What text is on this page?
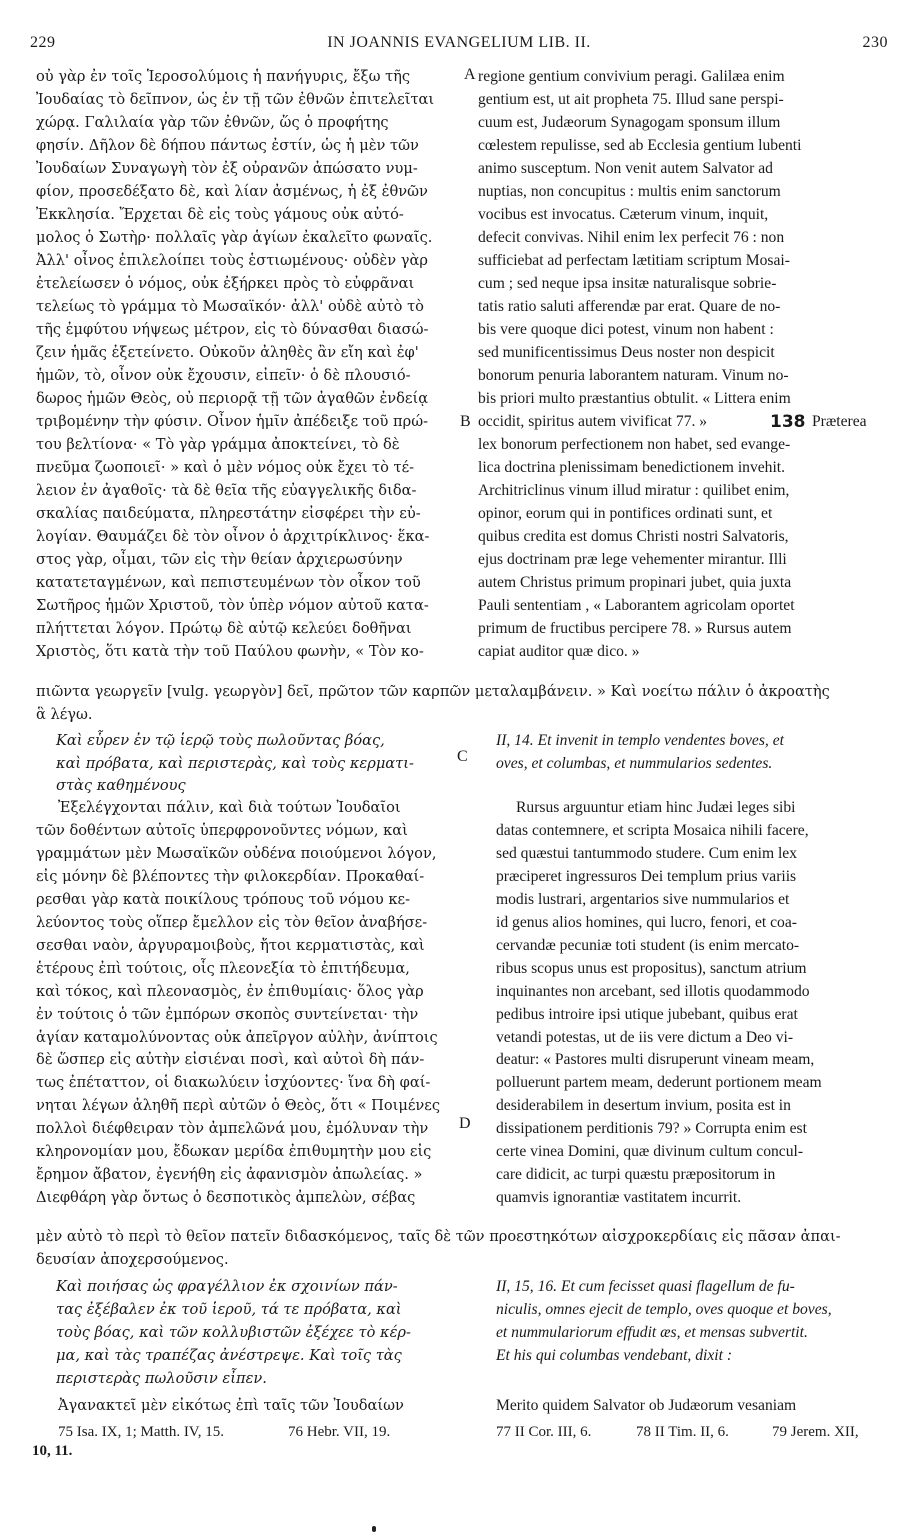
229	IN JOANNIS EVANGELIUM LIB. II.	230
οὐ γὰρ ἐν τοῖς Ἱεροσολύμοις ἡ πανήγυρις, ἔξω τῆς
Ἰουδαίας τὸ δεῖπνον, ὡς ἐν τῇ τῶν ἐθνῶν ἐπιτελεῖται
χώρᾳ. Γαλιλαία γὰρ τῶν ἐθνῶν, ὥς ὁ προφήτης
φησίν. Δῆλον δὲ δήπου πάντως ἐστίν, ὡς ἡ μὲν τῶν
Ἰουδαίων Συναγωγὴ τὸν ἐξ οὐρανῶν ἀπώσατο νυμ-
φίον, προσεδέξατο δὲ, καὶ λίαν ἀσμένως, ἡ ἐξ ἐθνῶν
Ἐκκλησία. Ἔρχεται δὲ εἰς τοὺς γάμους οὐκ αὐτό-
μολος ὁ Σωτὴρ· πολλαῖς γὰρ ἁγίων ἐκαλεῖτο φωναῖς.
Ἀλλ' οἶνος ἐπιλελοίπει τοὺς ἑστιωμένους· οὐδὲν γὰρ
ἐτελείωσεν ὁ νόμος, οὐκ ἐξήρκει πρὸς τὸ εὐφρᾶναι
τελείως τὸ γράμμα τὸ Μωσαϊκόν· ἀλλ' οὐδὲ αὐτὸ τὸ
τῆς ἐμφύτου νήψεως μέτρον, εἰς τὸ δύνασθαι διασώ-
ζειν ἡμᾶς ἐξετείνετο. Οὐκοῦν ἀληθὲς ἂν εἴη καὶ ἐφ'
ἡμῶν, τὸ, οἶνον οὐκ ἔχουσιν, εἰπεῖν· ὁ δὲ πλουσιό-
δωρος ἡμῶν Θεὸς, οὐ περιορᾷ τῇ τῶν ἀγαθῶν ἐνδείᾳ
τριβομένην τὴν φύσιν. Οἶνον ἡμῖν ἀπέδειξε τοῦ πρώ-
του βελτίονα· « Τὸ γὰρ γράμμα ἀποκτείνει, τὸ δὲ
πνεῦμα ζωοποιεῖ· » καὶ ὁ μὲν νόμος οὐκ ἔχει τὸ τέ-
λειον ἐν ἀγαθοῖς· τὰ δὲ θεῖα τῆς εὐαγγελικῆς διδα-
σκαλίας παιδεύματα, πληρεστάτην εἰσφέρει τὴν εὐ-
λογίαν. Θαυμάζει δὲ τὸν οἶνον ὁ ἀρχιτρίκλινος· ἕκα-
στος γὰρ, οἶμαι, τῶν εἰς τὴν θείαν ἀρχιερωσύνην
κατατεταγμένων, καὶ πεπιστευμένων τὸν οἶκον τοῦ
Σωτῆρος ἡμῶν Χριστοῦ, τὸν ὑπὲρ νόμον αὐτοῦ κατα-
πλήττεται λόγον. Πρώτῳ δὲ αὐτῷ κελεύει δοθῆναι
Χριστὸς, ὅτι κατὰ τὴν τοῦ Παύλου φωνὴν, « Τὸν κο-
regione gentium convivium peragi. Galilæa enim
gentium est, ut ait propheta 75. Illud sane perspi-
cuum est, Judæorum Synagogam sponsum illum
cœlestem repulisse, sed ab Ecclesia gentium lubenti
animo susceptum. Non venit autem Salvator ad
nuptias, non concupitus : multis enim sanctorum
vocibus est invocatus. Cæterum vinum, inquit,
defecit convivas. Nihil enim lex perfecit 76 : non
sufficiebat ad perfectam lætitiam scriptum Mosai-
cum ; sed neque ipsa insitæ naturalisque sobrie-
tatis ratio saluti afferendæ par erat. Quare de no-
bis vere quoque dici potest, vinum non habent :
sed munificentissimus Deus noster non despicit
bonorum penuria laborantem naturam. Vinum no-
bis priori multo præstantius obtulit. « Littera enim
occidit, spiritus autem vivificat 77. »	Præterea
lex bonorum perfectionem non habet, sed evange-
lica doctrina plenissimam benedictionem invehit.
Architriclinus vinum illud miratur : quilibet enim,
opinor, eorum qui in pontifices ordinati sunt, et
quibus credita est domus Christi nostri Salvatoris,
ejus doctrinam præ lege vehementer mirantur. Illi
autem Christus primum propinari jubet, quia juxta
Pauli sententiam , « Laborantem agricolam oportet
primum de fructibus percipere 78. » Rursus autem
capiat auditor quæ dico. »
138
πιῶντα γεωργεῖν [vulg. γεωργὸν] δεῖ, πρῶτον τῶν καρπῶν μεταλαμβάνειν. » Καὶ νοείτω πάλιν ὁ ἀκροατὴς
ἃ λέγω.
Καὶ εὗρεν ἐν τῷ ἱερῷ τοὺς πωλοῦντας βόας,
καὶ πρόβατα, καὶ περιστερὰς, καὶ τοὺς κερματι-
στὰς καθημένους
II, 14. Et invenit in templo vendentes boves, et
oves, et columbas, et nummularios sedentes.
Ἐξελέγχονται πάλιν, καὶ διὰ τούτων Ἰουδαῖοι
τῶν δοθέντων αὐτοῖς ὑπερφρονοῦντες νόμων, καὶ
γραμμάτων μὲν Μωσαϊκῶν οὐδένα ποιούμενοι λόγον,
εἰς μόνην δὲ βλέποντες τὴν φιλοκερδίαν. Προκαθαί-
ρεσθαι γὰρ κατὰ ποικίλους τρόπους τοῦ νόμου κε-
λεύοντος τοὺς οἵπερ ἔμελλον εἰς τὸν θεῖον ἀναβήσε-
σεσθαι ναὸν, ἀργυραμοιβοὺς, ἤτοι κερματιστὰς, καὶ
ἑτέρους ἐπὶ τούτοις, οἷς πλεονεξία τὸ ἐπιτήδευμα,
καὶ τόκος, καὶ πλεονασμὸς, ἐν ἐπιθυμίαις· ὅλος γὰρ
ἐν τούτοις ὁ τῶν ἐμπόρων σκοπὸς συντείνεται· τὴν
ἁγίαν καταμολύνοντας οὐκ ἀπεῖργον αὐλὴν, ἀνίπτοις
δὲ ὥσπερ εἰς αὐτὴν εἰσιέναι ποσὶ, καὶ αὐτοὶ δὴ πάν-
τως ἐπέταττον, οἱ διακωλύειν ἰσχύοντες· ἵνα δὴ φαί-
νηται λέγων ἀληθῆ περὶ αὐτῶν ὁ Θεὸς, ὅτι « Ποιμένες
πολλοὶ διέφθειραν τὸν ἀμπελῶνά μου, ἐμόλυναν τὴν
κληρονομίαν μου, ἔδωκαν μερίδα ἐπιθυμητὴν μου εἰς
ἔρημον ἄβατον, ἐγενήθη εἰς ἀφανισμὸν ἀπωλείας. »
Διεφθάρη γὰρ ὄντως ὁ δεσποτικὸς ἀμπελὼν, σέβας
Rursus arguuntur etiam hinc Judæi leges sibi
datas contemnere, et scripta Mosaica nihili facere,
sed quæstui tantummodo studere. Cum enim lex
præciperet ingressuros Dei templum prius variis
modis lustrari, argentarios sive nummularios et
id genus alios homines, qui lucro, fenori, et coa-
cervandæ pecuniæ toti student (is enim mercato-
ribus scopus unus est propositus), sanctum atrium
inquinantes non arcebant, sed illotis quodammodo
pedibus introire ipsi utique jubebant, quibus erat
vetandi potestas, ut de iis vere dictum a Deo vi-
deatur: « Pastores multi disruperunt vineam meam,
polluerunt partem meam, dederunt portionem meam
desiderabilem in desertum invium, posita est in
dissipationem perditionis 79? » Corrupta enim est
certe vinea Domini, quæ divinum cultum concul-
care didicit, ac turpi quæstu præpositorum in
quamvis ignorantiæ vastitatem incurrit.
μὲν αὐτὸ τὸ περὶ τὸ θεῖον πατεῖν διδασκόμενος, ταῖς δὲ τῶν προεστηκότων αἰσχροκερδίαις εἰς πᾶσαν ἀπαι-
δευσίαν ἀποχερσούμενος.
Καὶ ποιήσας ὡς φραγέλλιον ἐκ σχοινίων πάν-
τας ἐξέβαλεν ἐκ τοῦ ἱεροῦ, τά τε πρόβατα, καὶ
τοὺς βόας, καὶ τῶν κολλυβιστῶν ἐξέχεε τὸ κέρ-
μα, καὶ τὰς τραπέζας ἀνέστρεψε. Καὶ τοῖς τὰς
περιστερὰς πωλοῦσιν εἶπεν.
II, 15, 16. Et cum fecisset quasi flagellum de fu-
niculis, omnes ejecit de templo, oves quoque et boves,
et nummulariorum effudit æs, et mensas subvertit.
Et his qui columbas vendebant, dixit :
Ἀγανακτεῖ μὲν εἰκότως ἐπὶ ταῖς τῶν Ἰουδαίων	Merito quidem Salvator ob Judæorum vesaniam
75 Isa. IX, 1; Matth. IV, 15.	76 Hebr. VII, 19.
10, 11.
77 II Cor. III, 6.	78 II Tim. II, 6.	79 Jerem. XII,
A
B
C
D
